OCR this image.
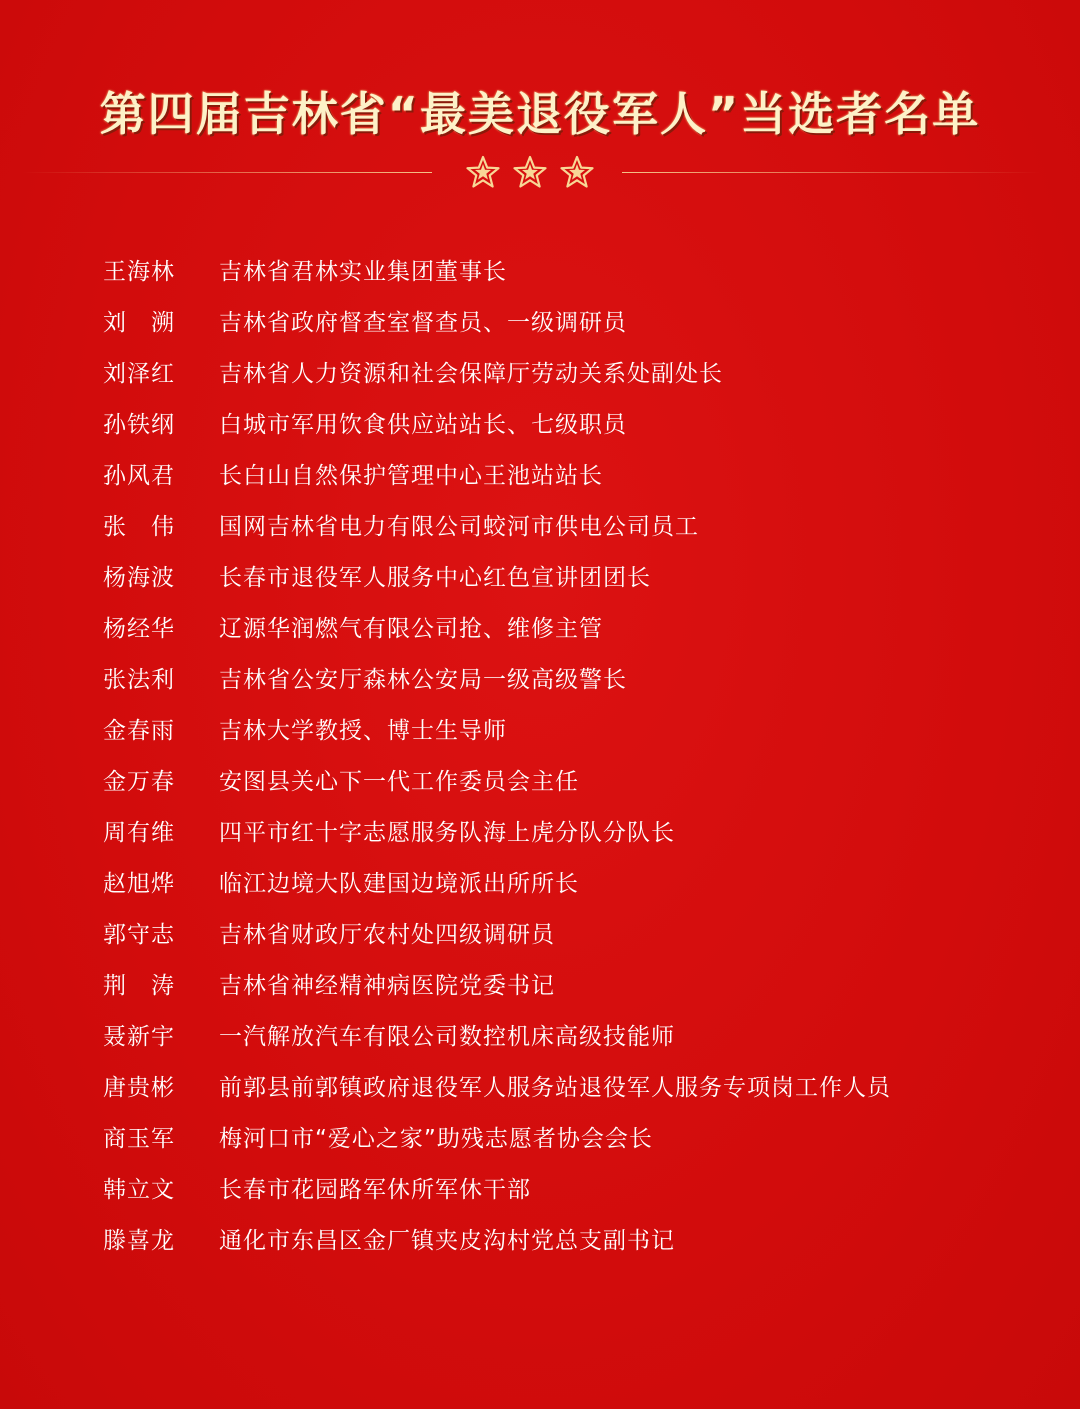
第四届吉林省“最美退役军人”当选者名单
王海林	吉林省君林实业集团董事长
刘　溯	吉林省政府督查室督查员、一级调研员
刘泽红	吉林省人力资源和社会保障厅劳动关系处副处长
孙铁纲	白城市军用饮食供应站站长、七级职员
孙风君	长白山自然保护管理中心王池站站长
张　伟	国网吉林省电力有限公司蛟河市供电公司员工
杨海波	长春市退役军人服务中心红色宣讲团团长
杨经华	辽源华润燃气有限公司抢、维修主管
张法利	吉林省公安厅森林公安局一级高级警长
金春雨	吉林大学教授、博士生导师
金万春	安图县关心下一代工作委员会主任
周有维	四平市红十字志愿服务队海上虎分队分队长
赵旭烨	临江边境大队建国边境派出所所长
郭守志	吉林省财政厅农村处四级调研员
荆　涛	吉林省神经精神病医院党委书记
聂新宇	一汽解放汽车有限公司数控机床高级技能师
唐贵彬	前郭县前郭镇政府退役军人服务站退役军人服务专项岗工作人员
商玉军	梅河口市“爱心之家”助残志愿者协会会长
韩立文	长春市花园路军休所军休干部
滕喜龙	通化市东昌区金厂镇夹皮沟村党总支副书记
